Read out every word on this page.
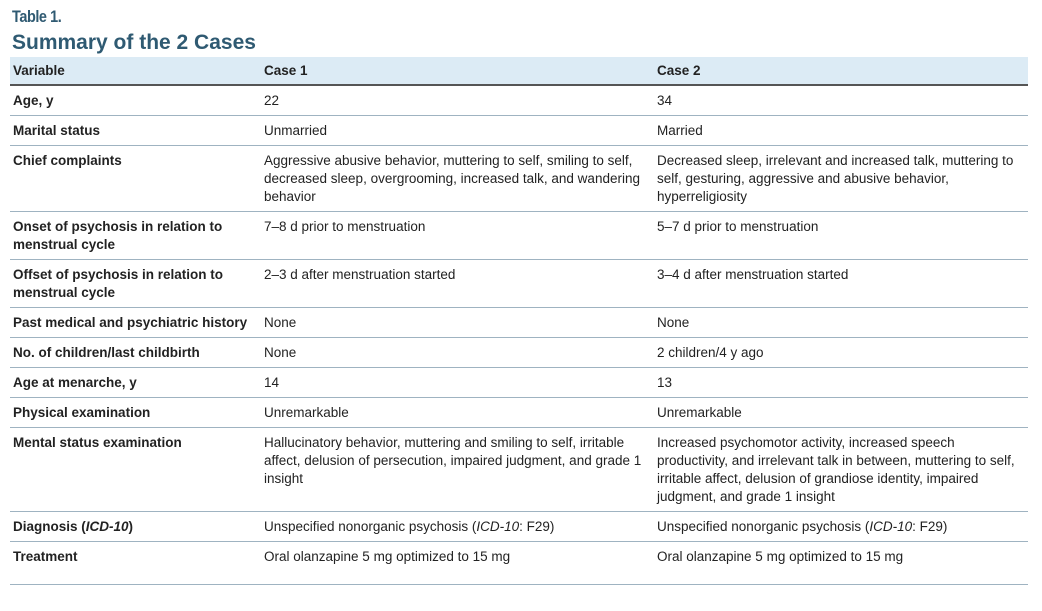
Table 1.
Summary of the 2 Cases
Variable	Case 1	Case 2
Age, y	22	34
Marital status	Unmarried	Married
Chief complaints	Aggressive abusive behavior, muttering to self, smiling to self, decreased sleep, overgrooming, increased talk, and wandering behavior	Decreased sleep, irrelevant and increased talk, muttering to self, gesturing, aggressive and abusive behavior, hyperreligiosity
Onset of psychosis in relation to menstrual cycle	7–8 d prior to menstruation	5–7 d prior to menstruation
Offset of psychosis in relation to menstrual cycle	2–3 d after menstruation started	3–4 d after menstruation started
Past medical and psychiatric history	None	None
No. of children/last childbirth	None	2 children/4 y ago
Age at menarche, y	14	13
Physical examination	Unremarkable	Unremarkable
Mental status examination	Hallucinatory behavior, muttering and smiling to self, irritable affect, delusion of persecution, impaired judgment, and grade 1 insight	Increased psychomotor activity, increased speech productivity, and irrelevant talk in between, muttering to self, irritable affect, delusion of grandiose identity, impaired judgment, and grade 1 insight
Diagnosis (ICD-10)	Unspecified nonorganic psychosis (ICD-10: F29)	Unspecified nonorganic psychosis (ICD-10: F29)
Treatment	Oral olanzapine 5 mg optimized to 15 mg	Oral olanzapine 5 mg optimized to 15 mg
